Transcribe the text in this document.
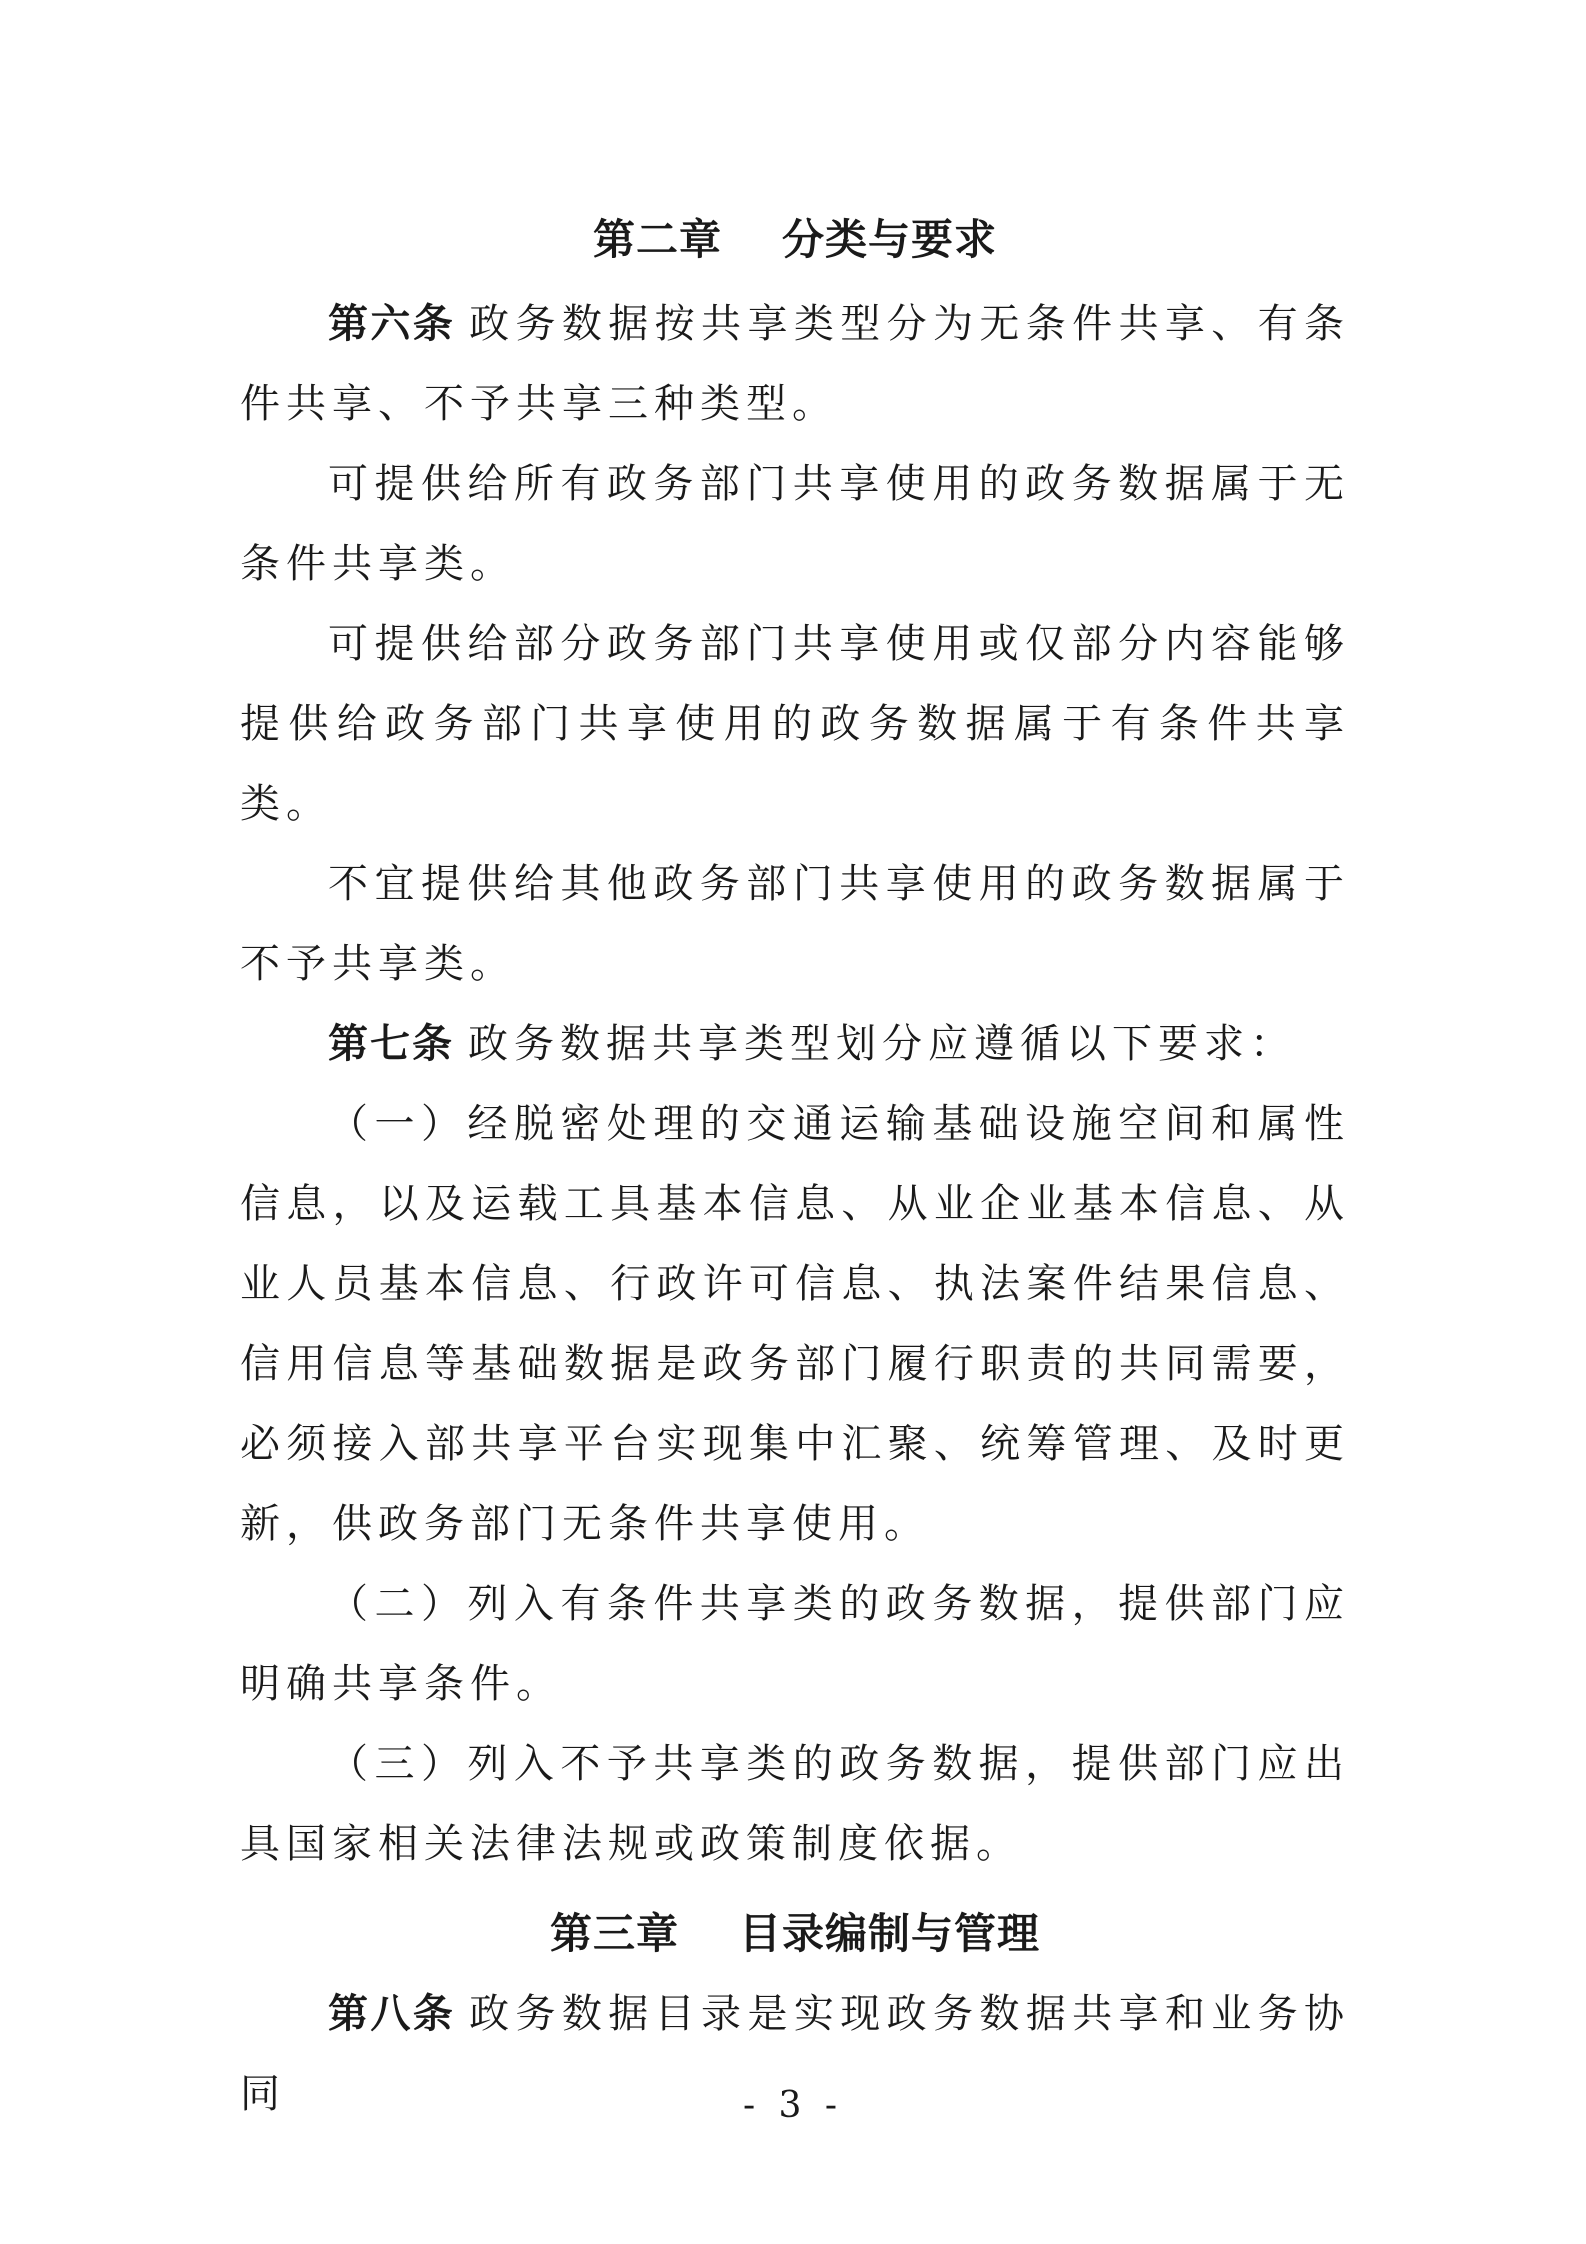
第二章 分类与要求

第六条 政务数据按共享类型分为无条件共享、有条件共享、不予共享三种类型。

可提供给所有政务部门共享使用的政务数据属于无条件共享类。

可提供给部分政务部门共享使用或仅部分内容能够提供给政务部门共享使用的政务数据属于有条件共享类。

不宜提供给其他政务部门共享使用的政务数据属于不予共享类。

第七条 政务数据共享类型划分应遵循以下要求：

（一）经脱密处理的交通运输基础设施空间和属性信息，以及运载工具基本信息、从业企业基本信息、从业人员基本信息、行政许可信息、执法案件结果信息、信用信息等基础数据是政务部门履行职责的共同需要，必须接入部共享平台实现集中汇聚、统筹管理、及时更新，供政务部门无条件共享使用。

（二）列入有条件共享类的政务数据，提供部门应明确共享条件。

（三）列入不予共享类的政务数据，提供部门应出具国家相关法律法规或政策制度依据。

第三章 目录编制与管理

第八条 政务数据目录是实现政务数据共享和业务协同	- 3 -
